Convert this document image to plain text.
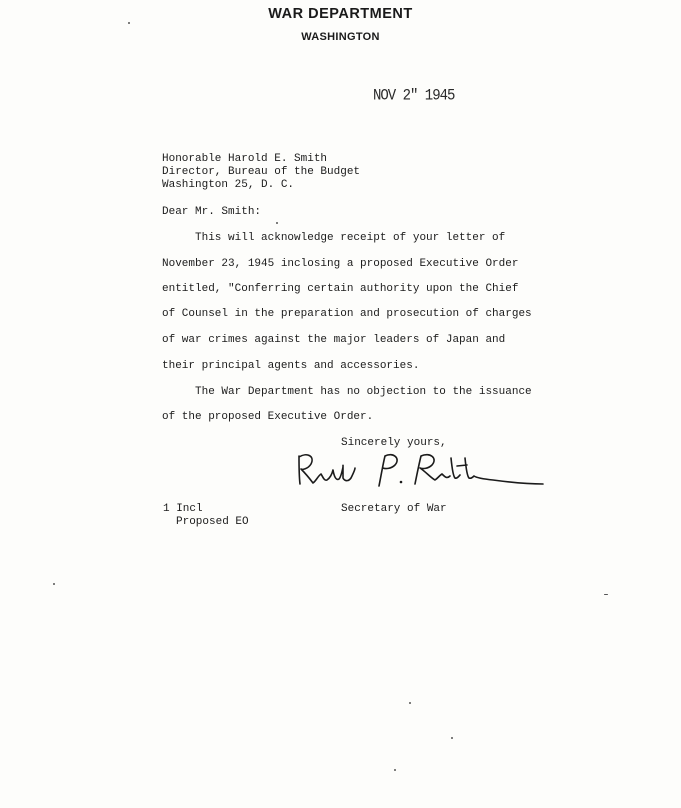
WAR DEPARTMENT
WASHINGTON
NOV 2" 1945
Honorable Harold E. Smith
Director, Bureau of the Budget
Washington 25, D. C.
Dear Mr. Smith:
This will acknowledge receipt of your letter of
November 23, 1945 inclosing a proposed Executive Order
entitled, "Conferring certain authority upon the Chief
of Counsel in the preparation and prosecution of charges
of war crimes against the major leaders of Japan and
their principal agents and accessories.
The War Department has no objection to the issuance
of the proposed Executive Order.
Sincerely yours,
Secretary of War
1 Incl
Proposed EO
